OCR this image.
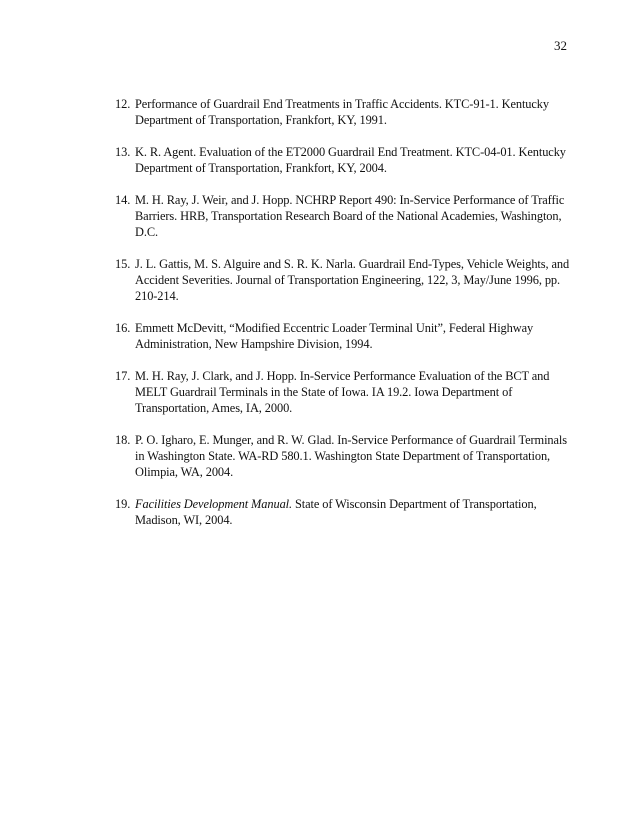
32
12. Performance of Guardrail End Treatments in Traffic Accidents. KTC-91-1. Kentucky Department of Transportation, Frankfort, KY, 1991.
13. K. R. Agent. Evaluation of the ET2000 Guardrail End Treatment. KTC-04-01. Kentucky Department of Transportation, Frankfort, KY, 2004.
14. M. H. Ray, J. Weir, and J. Hopp. NCHRP Report 490: In-Service Performance of Traffic Barriers. HRB, Transportation Research Board of the National Academies, Washington, D.C.
15. J. L. Gattis, M. S. Alguire and S. R. K. Narla. Guardrail End-Types, Vehicle Weights, and Accident Severities. Journal of Transportation Engineering, 122, 3, May/June 1996, pp. 210-214.
16. Emmett McDevitt, “Modified Eccentric Loader Terminal Unit”, Federal Highway Administration, New Hampshire Division, 1994.
17. M. H. Ray, J. Clark, and J. Hopp. In-Service Performance Evaluation of the BCT and MELT Guardrail Terminals in the State of Iowa. IA 19.2. Iowa Department of Transportation, Ames, IA, 2000.
18. P. O. Igharo, E. Munger, and R. W. Glad. In-Service Performance of Guardrail Terminals in Washington State. WA-RD 580.1. Washington State Department of Transportation, Olimpia, WA, 2004.
19. Facilities Development Manual. State of Wisconsin Department of Transportation, Madison, WI, 2004.
